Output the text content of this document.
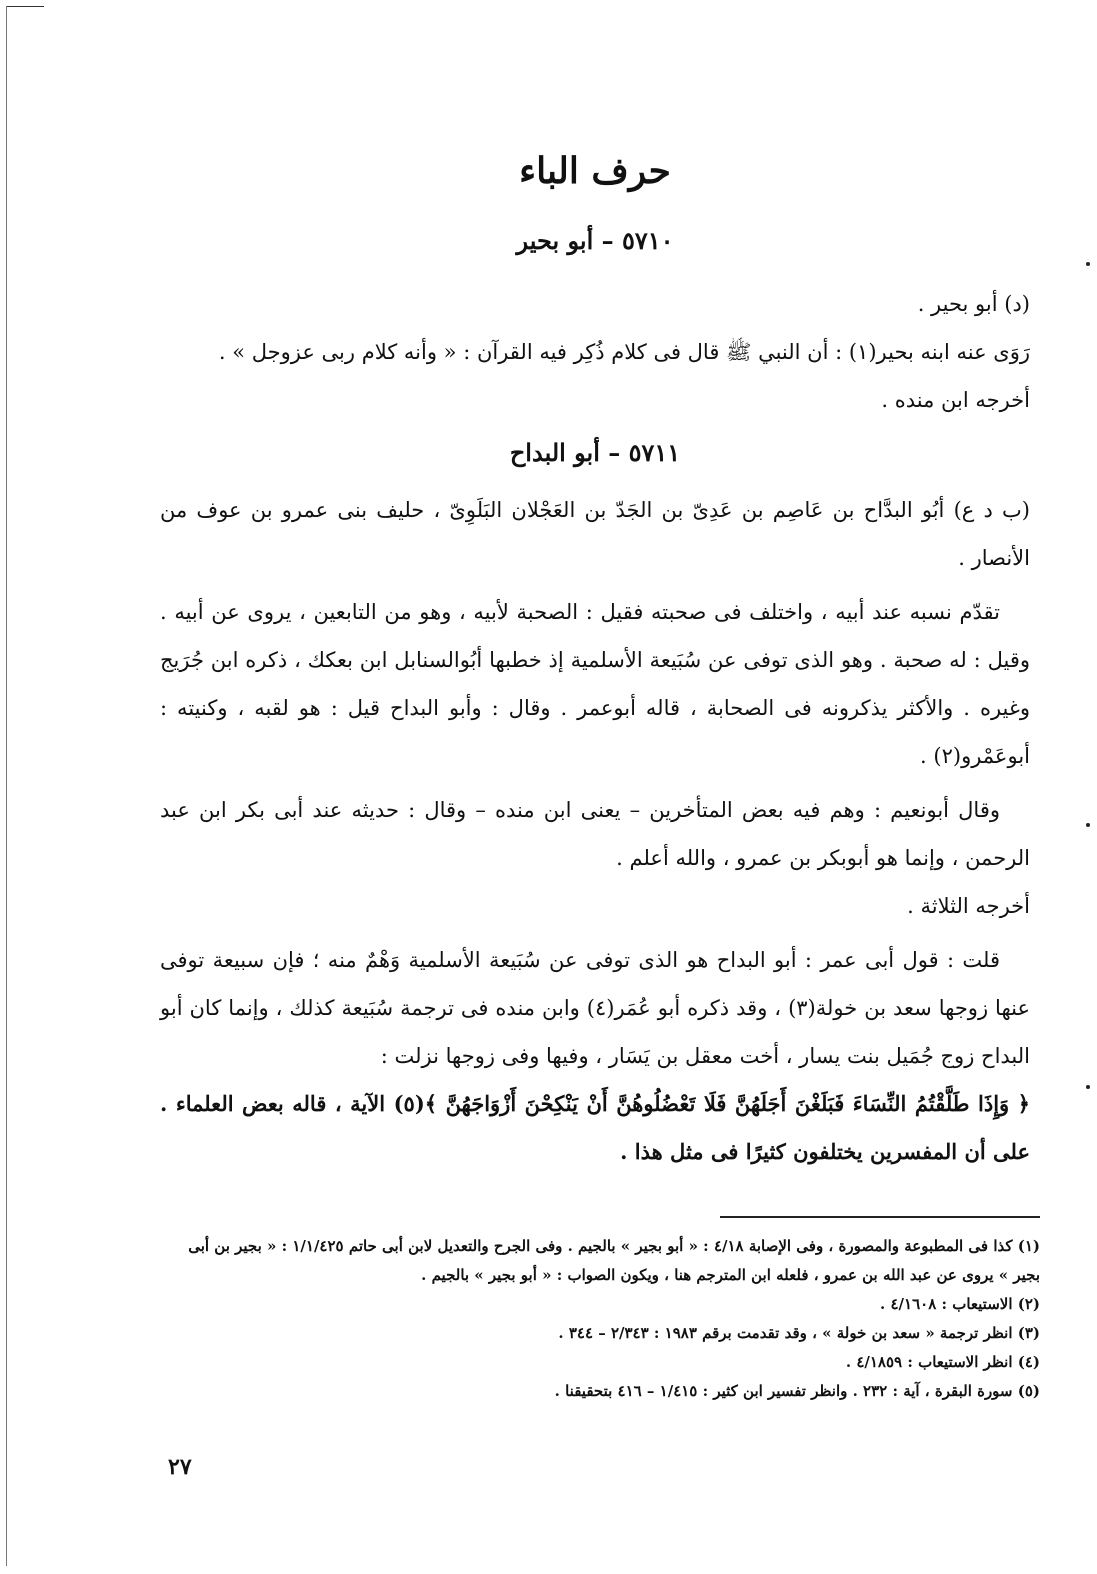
حرف الباء
٥٧١٠ – أبو بحير

(د) أبو بحير .

رَوَى عنه ابنه بحير(١) : أن النبي ﷺ قال فى كلام ذُكِر فيه القرآن : « وأنه كلام ربى عزوجل » .

أخرجه ابن منده .

٥٧١١ – أبو البداح

(ب د ع) أبُو البدَّاح بن عَاصِم بن عَدِىّ بن الجَدّ بن العَجْلان البَلَوِىّ ، حليف بنى عمرو بن عوف من الأنصار .

تقدّم نسبه عند أبيه ، واختلف فى صحبته فقيل : الصحبة لأبيه ، وهو من التابعين ، يروى عن أبيه . وقيل : له صحبة . وهو الذى توفى عن سُبَيعة الأسلمية إذ خطبها أبُوالسنابل ابن بعكك ، ذكره ابن جُرَيج وغيره . والأكثر يذكرونه فى الصحابة ، قاله أبوعمر . وقال : وأبو البداح قيل : هو لقبه ، وكنيته : أبوعَمْرو(٢) .

وقال أبونعيم : وهم فيه بعض المتأخرين – يعنى ابن منده – وقال : حديثه عند أبى بكر ابن عبد الرحمن ، وإنما هو أبوبكر بن عمرو ، والله أعلم .

أخرجه الثلاثة .

قلت : قول أبى عمر : أبو البداح هو الذى توفى عن سُبَيعة الأسلمية وَهْمٌ منه ؛ فإن سبيعة توفى عنها زوجها سعد بن خولة(٣) ، وقد ذكره أبو عُمَر(٤) وابن منده فى ترجمة سُبَيعة كذلك ، وإنما كان أبو البداح زوج جُمَيل بنت يسار ، أخت معقل بن يَسَار ، وفيها وفى زوجها نزلت :

﴿ وَإِذَا طَلَّقْتُمُ النِّسَاءَ فَبَلَغْنَ أَجَلَهُنَّ فَلَا تَعْضُلُوهُنَّ أَنْ يَنْكِحْنَ أَزْوَاجَهُنَّ ﴾(٥) الآية ، قاله بعض العلماء . على أن المفسرين يختلفون كثيرًا فى مثل هذا .

(١) كذا فى المطبوعة والمصورة ، وفى الإصابة ٤/١٨ : « أبو بجير » بالجيم . وفى الجرح والتعديل لابن أبى حاتم ١/١/٤٢٥ : « بجير بن أبى بجير » يروى عن عبد الله بن عمرو ، فلعله ابن المترجم هنا ، ويكون الصواب : « أبو بجير » بالجيم .

(٢) الاستيعاب : ٤/١٦٠٨ .

(٣) انظر ترجمة « سعد بن خولة » ، وقد تقدمت برقم ١٩٨٣ : ٢/٣٤٣ – ٣٤٤ .

(٤) انظر الاستيعاب : ٤/١٨٥٩ .

(٥) سورة البقرة ، آية : ٢٣٢ . وانظر تفسير ابن كثير : ١/٤١٥ – ٤١٦ بتحقيقنا .

٢٧
